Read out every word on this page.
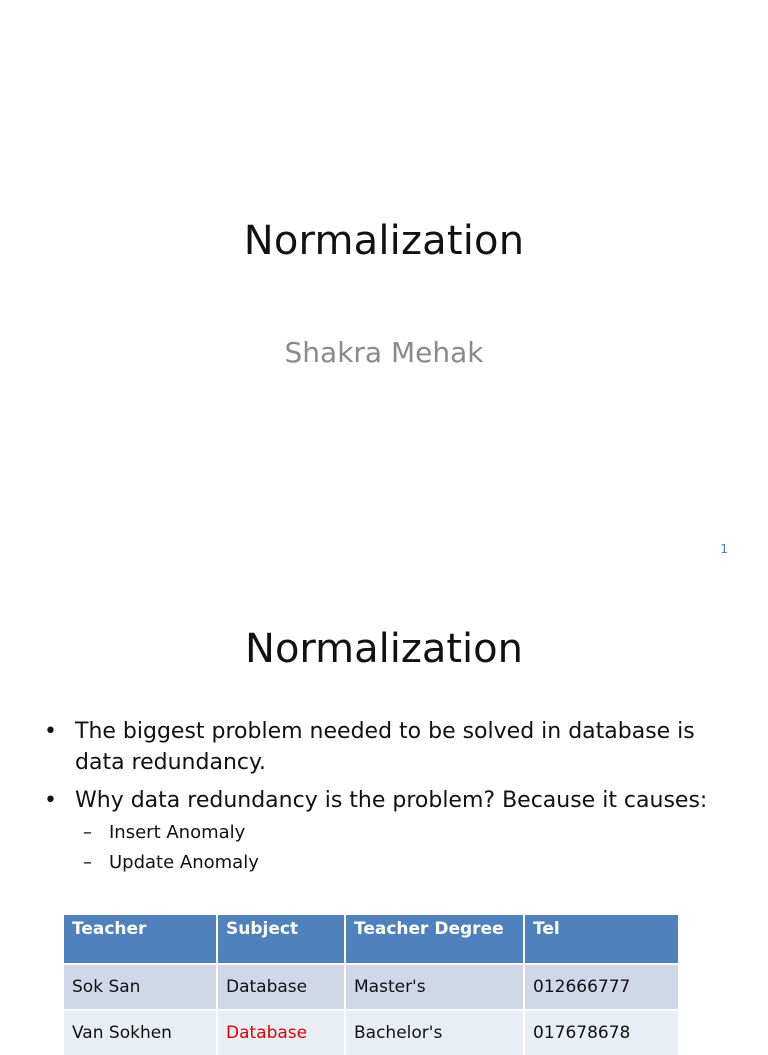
Normalization
Shakra Mehak
1
Normalization
• The biggest problem needed to be solved in database is data redundancy.
• Why data redundancy is the problem? Because it causes:
– Insert Anomaly
– Update Anomaly
Teacher	Subject	Teacher Degree	Tel
Sok San	Database	Master's	012666777
Van Sokhen	Database	Bachelor's	017678678
